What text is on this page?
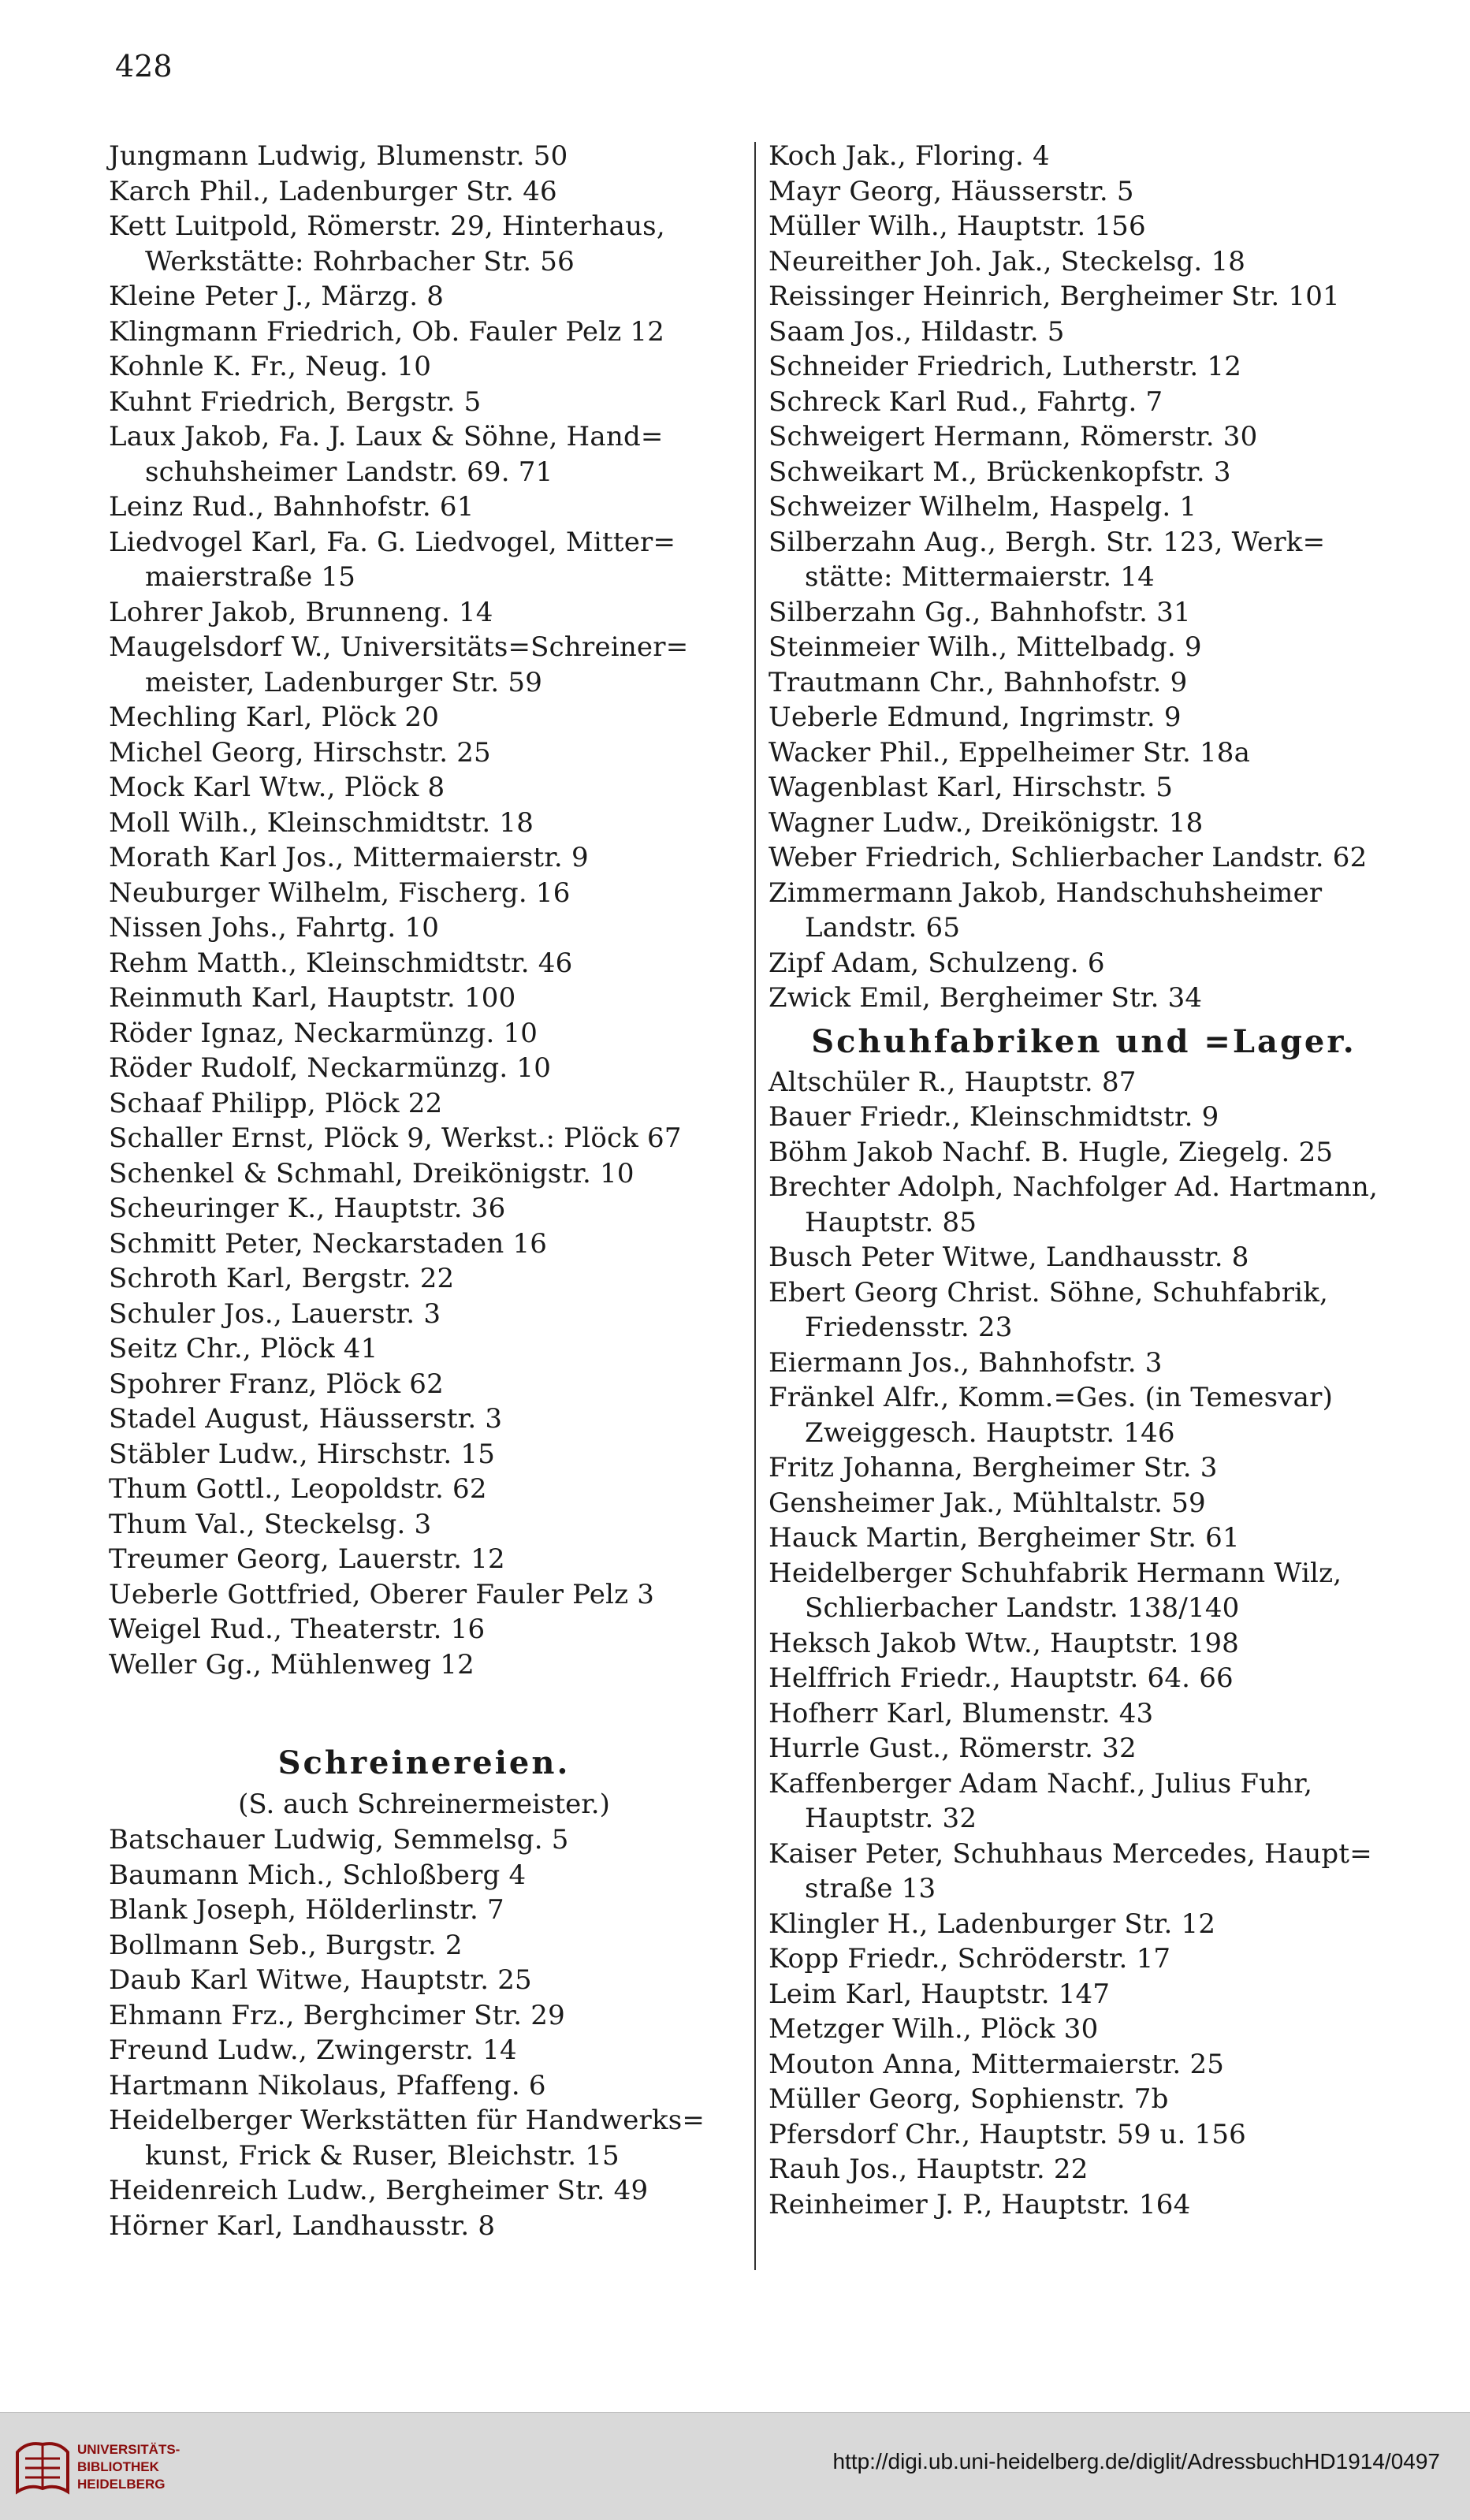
428
Jungmann Ludwig, Blumenstr. 50
Karch Phil., Ladenburger Str. 46
Kett Luitpold, Römerstr. 29, Hinterhaus,
Werkstätte: Rohrbacher Str. 56
Kleine Peter J., Märzg. 8
Klingmann Friedrich, Ob. Fauler Pelz 12
Kohnle K. Fr., Neug. 10
Kuhnt Friedrich, Bergstr. 5
Laux Jakob, Fa. J. Laux & Söhne, Hand=
schuhsheimer Landstr. 69. 71
Leinz Rud., Bahnhofstr. 61
Liedvogel Karl, Fa. G. Liedvogel, Mitter=
maierstraße 15
Lohrer Jakob, Brunneng. 14
Maugelsdorf W., Universitäts=Schreiner=
meister, Ladenburger Str. 59
Mechling Karl, Plöck 20
Michel Georg, Hirschstr. 25
Mock Karl Wtw., Plöck 8
Moll Wilh., Kleinschmidtstr. 18
Morath Karl Jos., Mittermaierstr. 9
Neuburger Wilhelm, Fischerg. 16
Nissen Johs., Fahrtg. 10
Rehm Matth., Kleinschmidtstr. 46
Reinmuth Karl, Hauptstr. 100
Röder Ignaz, Neckarmünzg. 10
Röder Rudolf, Neckarmünzg. 10
Schaaf Philipp, Plöck 22
Schaller Ernst, Plöck 9, Werkst.: Plöck 67
Schenkel & Schmahl, Dreikönigstr. 10
Scheuringer K., Hauptstr. 36
Schmitt Peter, Neckarstaden 16
Schroth Karl, Bergstr. 22
Schuler Jos., Lauerstr. 3
Seitz Chr., Plöck 41
Spohrer Franz, Plöck 62
Stadel August, Häusserstr. 3
Stäbler Ludw., Hirschstr. 15
Thum Gottl., Leopoldstr. 62
Thum Val., Steckelsg. 3
Treumer Georg, Lauerstr. 12
Ueberle Gottfried, Oberer Fauler Pelz 3
Weigel Rud., Theaterstr. 16
Weller Gg., Mühlenweg 12
Schreinereien.
(S. auch Schreinermeister.)
Batschauer Ludwig, Semmelsg. 5
Baumann Mich., Schloßberg 4
Blank Joseph, Hölderlinstr. 7
Bollmann Seb., Burgstr. 2
Daub Karl Witwe, Hauptstr. 25
Ehmann Frz., Berghcimer Str. 29
Freund Ludw., Zwingerstr. 14
Hartmann Nikolaus, Pfaffeng. 6
Heidelberger Werkstätten für Handwerks=
kunst, Frick & Ruser, Bleichstr. 15
Heidenreich Ludw., Bergheimer Str. 49
Hörner Karl, Landhausstr. 8
Koch Jak., Floring. 4
Mayr Georg, Häusserstr. 5
Müller Wilh., Hauptstr. 156
Neureither Joh. Jak., Steckelsg. 18
Reissinger Heinrich, Bergheimer Str. 101
Saam Jos., Hildastr. 5
Schneider Friedrich, Lutherstr. 12
Schreck Karl Rud., Fahrtg. 7
Schweigert Hermann, Römerstr. 30
Schweikart M., Brückenkopfstr. 3
Schweizer Wilhelm, Haspelg. 1
Silberzahn Aug., Bergh. Str. 123, Werk=
stätte: Mittermaierstr. 14
Silberzahn Gg., Bahnhofstr. 31
Steinmeier Wilh., Mittelbadg. 9
Trautmann Chr., Bahnhofstr. 9
Ueberle Edmund, Ingrimstr. 9
Wacker Phil., Eppelheimer Str. 18a
Wagenblast Karl, Hirschstr. 5
Wagner Ludw., Dreikönigstr. 18
Weber Friedrich, Schlierbacher Landstr. 62
Zimmermann Jakob, Handschuhsheimer
Landstr. 65
Zipf Adam, Schulzeng. 6
Zwick Emil, Bergheimer Str. 34
Schuhfabriken und =Lager.
Altschüler R., Hauptstr. 87
Bauer Friedr., Kleinschmidtstr. 9
Böhm Jakob Nachf. B. Hugle, Ziegelg. 25
Brechter Adolph, Nachfolger Ad. Hartmann,
Hauptstr. 85
Busch Peter Witwe, Landhausstr. 8
Ebert Georg Christ. Söhne, Schuhfabrik,
Friedensstr. 23
Eiermann Jos., Bahnhofstr. 3
Fränkel Alfr., Komm.=Ges. (in Temesvar)
Zweiggesch. Hauptstr. 146
Fritz Johanna, Bergheimer Str. 3
Gensheimer Jak., Mühltalstr. 59
Hauck Martin, Bergheimer Str. 61
Heidelberger Schuhfabrik Hermann Wilz,
Schlierbacher Landstr. 138/140
Heksch Jakob Wtw., Hauptstr. 198
Helffrich Friedr., Hauptstr. 64. 66
Hofherr Karl, Blumenstr. 43
Hurrle Gust., Römerstr. 32
Kaffenberger Adam Nachf., Julius Fuhr,
Hauptstr. 32
Kaiser Peter, Schuhhaus Mercedes, Haupt=
straße 13
Klingler H., Ladenburger Str. 12
Kopp Friedr., Schröderstr. 17
Leim Karl, Hauptstr. 147
Metzger Wilh., Plöck 30
Mouton Anna, Mittermaierstr. 25
Müller Georg, Sophienstr. 7b
Pfersdorf Chr., Hauptstr. 59 u. 156
Rauh Jos., Hauptstr. 22
Reinheimer J. P., Hauptstr. 164
UNIVERSITÄTS-
BIBLIOTHEK
HEIDELBERG
http://digi.ub.uni-heidelberg.de/diglit/AdressbuchHD1914/0497
